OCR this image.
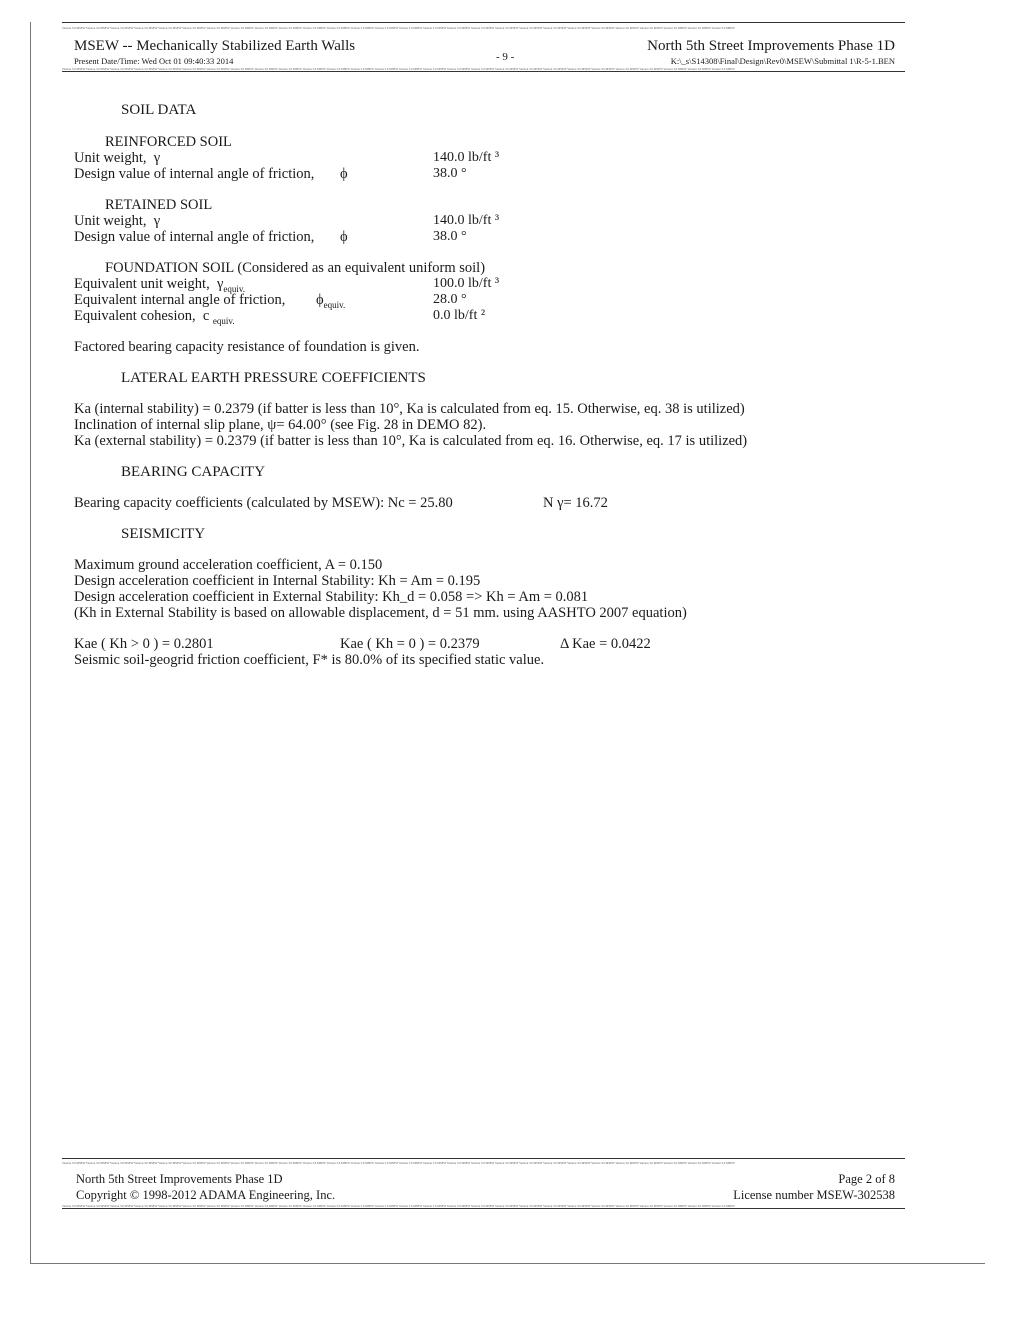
Version 3.0 MSEW Version 3.0 MSEW Version 3.0 MSEW Version 3.0 MSEW Version 3.0 MSEW Version 3.0 MSEW Version 3.0 MSEW Version 3.0 MSEW Version 3.0 MSEW Version 3.0 MSEW Version 3.0 MSEW Version 3.0 MSEW Version 3.0 MSEW Version 3.0 MSEW Version 3.0 MSEW Version 3.0 MSEW Version 3.0 MSEW Version 3.0 MSEW Version 3.0 MSEW Version 3.0 MSEW Version 3.0 MSEW Version 3.0 MSEW Version 3.0 MSEW Version 3.0 MSEW Version 3.0 MSEW Version 3.0 MSEW Version 3.0 MSEW Version 3.0 MSEW
MSEW -- Mechanically Stabilized Earth Walls
Present Date/Time: Wed Oct 01 09:40:33 2014	- 9 -
North 5th Street Improvements Phase 1D
K:\_s\S14308\Final\Design\Rev0\MSEW\Submittal 1\R-5-1.BEN
Version 3.0 MSEW Version 3.0 MSEW Version 3.0 MSEW Version 3.0 MSEW Version 3.0 MSEW Version 3.0 MSEW Version 3.0 MSEW Version 3.0 MSEW Version 3.0 MSEW Version 3.0 MSEW Version 3.0 MSEW Version 3.0 MSEW Version 3.0 MSEW Version 3.0 MSEW Version 3.0 MSEW Version 3.0 MSEW Version 3.0 MSEW Version 3.0 MSEW Version 3.0 MSEW Version 3.0 MSEW Version 3.0 MSEW Version 3.0 MSEW Version 3.0 MSEW Version 3.0 MSEW Version 3.0 MSEW Version 3.0 MSEW Version 3.0 MSEW Version 3.0 MSEW
SOIL DATA
REINFORCED SOIL
Unit weight, γ	140.0 lb/ft ³
Design value of internal angle of friction, ϕ	38.0 °
RETAINED SOIL
Unit weight, γ	140.0 lb/ft ³
Design value of internal angle of friction, ϕ	38.0 °
FOUNDATION SOIL (Considered as an equivalent uniform soil)
Equivalent unit weight, $\gamma_{equiv.}$	100.0 lb/ft ³
Equivalent internal angle of friction, $\phi_{equiv.}$	28.0 °
Equivalent cohesion, c $_{equiv.}$	0.0 lb/ft ²
Factored bearing capacity resistance of foundation is given.
LATERAL EARTH PRESSURE COEFFICIENTS
Ka (internal stability) = 0.2379 (if batter is less than 10°, Ka is calculated from eq. 15. Otherwise, eq. 38 is utilized)
Inclination of internal slip plane, ψ= 64.00° (see Fig. 28 in DEMO 82).
Ka (external stability) = 0.2379 (if batter is less than 10°, Ka is calculated from eq. 16. Otherwise, eq. 17 is utilized)
BEARING CAPACITY
Bearing capacity coefficients (calculated by MSEW): Nc = 25.80	N γ= 16.72
SEISMICITY
Maximum ground acceleration coefficient, A = 0.150
Design acceleration coefficient in Internal Stability: Kh = Am = 0.195
Design acceleration coefficient in External Stability: Kh_d = 0.058 => Kh = Am = 0.081
(Kh in External Stability is based on allowable displacement, d = 51 mm. using AASHTO 2007 equation)
Kae ( Kh > 0 ) = 0.2801	Kae ( Kh = 0 ) = 0.2379	Δ Kae = 0.0422
Seismic soil-geogrid friction coefficient, F* is 80.0% of its specified static value.
Version 3.0 MSEW Version 3.0 MSEW Version 3.0 MSEW Version 3.0 MSEW Version 3.0 MSEW Version 3.0 MSEW Version 3.0 MSEW Version 3.0 MSEW Version 3.0 MSEW Version 3.0 MSEW Version 3.0 MSEW Version 3.0 MSEW Version 3.0 MSEW Version 3.0 MSEW Version 3.0 MSEW Version 3.0 MSEW Version 3.0 MSEW Version 3.0 MSEW Version 3.0 MSEW Version 3.0 MSEW Version 3.0 MSEW Version 3.0 MSEW Version 3.0 MSEW Version 3.0 MSEW Version 3.0 MSEW Version 3.0 MSEW Version 3.0 MSEW Version 3.0 MSEW
North 5th Street Improvements Phase 1D
Copyright © 1998-2012 ADAMA Engineering, Inc.
Page 2 of 8
License number MSEW-302538
Version 3.0 MSEW Version 3.0 MSEW Version 3.0 MSEW Version 3.0 MSEW Version 3.0 MSEW Version 3.0 MSEW Version 3.0 MSEW Version 3.0 MSEW Version 3.0 MSEW Version 3.0 MSEW Version 3.0 MSEW Version 3.0 MSEW Version 3.0 MSEW Version 3.0 MSEW Version 3.0 MSEW Version 3.0 MSEW Version 3.0 MSEW Version 3.0 MSEW Version 3.0 MSEW Version 3.0 MSEW Version 3.0 MSEW Version 3.0 MSEW Version 3.0 MSEW Version 3.0 MSEW Version 3.0 MSEW Version 3.0 MSEW Version 3.0 MSEW Version 3.0 MSEW
